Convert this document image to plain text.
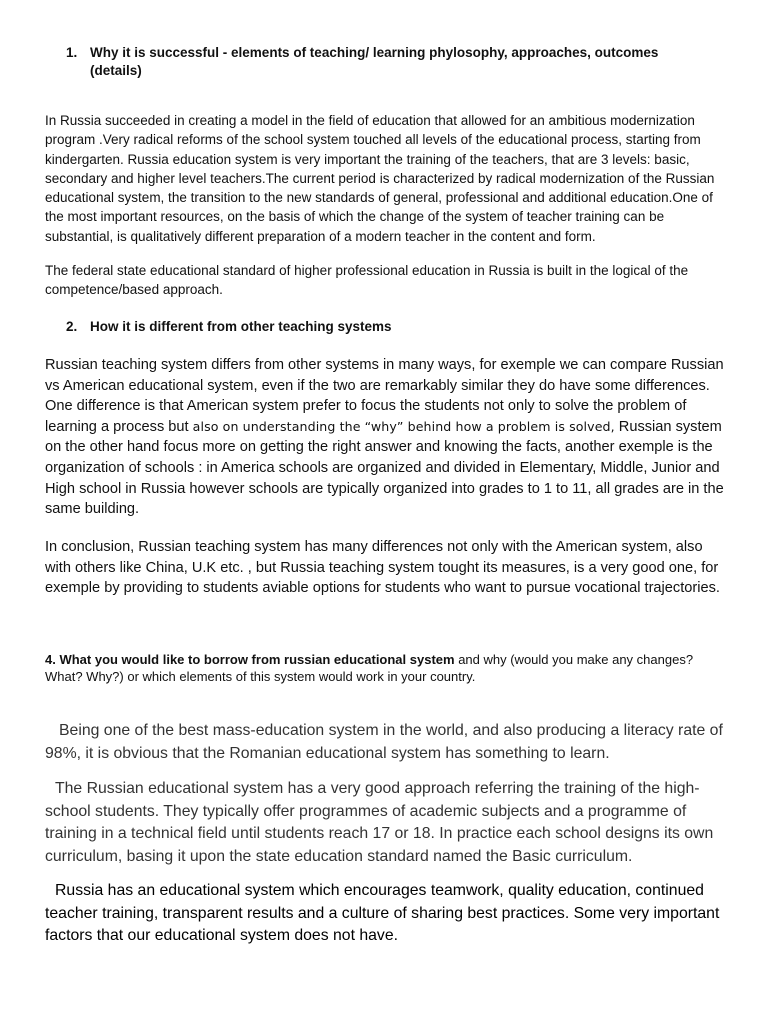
1. Why it is successful - elements of teaching/ learning phylosophy, approaches, outcomes (details)

In Russia succeeded in creating a model in the field of education that allowed for an ambitious modernization program .Very radical reforms of the school system touched all levels of the educational process, starting from kindergarten. Russia education system is very important the training of the teachers, that are 3 levels: basic, secondary and higher level teachers.The current period is characterized by radical modernization of the Russian educational system, the transition to the new standards of general, professional and additional education.One of the most important resources, on the basis of which the change of the system of teacher training can be substantial, is qualitatively different preparation of a modern teacher in the content and form.

The federal state educational standard of higher professional education in Russia is built in the logical of the competence/based approach.

2. How it is different from other teaching systems

Russian teaching system differs from other systems in many ways, for exemple we can compare Russian vs American educational system, even if the two are remarkably similar they do have some differences. One difference is that American system prefer to focus the students not only to solve the problem of learning a process but also on understanding the “why” behind how a problem is solved, Russian system on the other hand focus more on getting the right answer and knowing the facts, another exemple is the organization of schools : in America schools are organized and divided in Elementary, Middle, Junior and High school in Russia however schools are typically organized into grades to 1 to 11, all grades are in the same building.

In conclusion, Russian teaching system has many differences not only with the American system, also with others like China, U.K etc. , but Russia teaching system tought its measures, is a very good one, for exemple by providing to students aviable options for students who want to pursue vocational trajectories.

4. What you would like to borrow from russian educational system and why (would you make any changes? What? Why?) or which elements of this system would work in your country.

Being one of the best mass-education system in the world, and also producing a literacy rate of 98%, it is obvious that the Romanian educational system has something to learn.

The Russian educational system has a very good approach referring the training of the high-school students. They typically offer programmes of academic subjects and a programme of training in a technical field until students reach 17 or 18. In practice each school designs its own curriculum, basing it upon the state education standard named the Basic curriculum.

Russia has an educational system which encourages teamwork, quality education, continued teacher training, transparent results and a culture of sharing best practices. Some very important factors that our educational system does not have.
